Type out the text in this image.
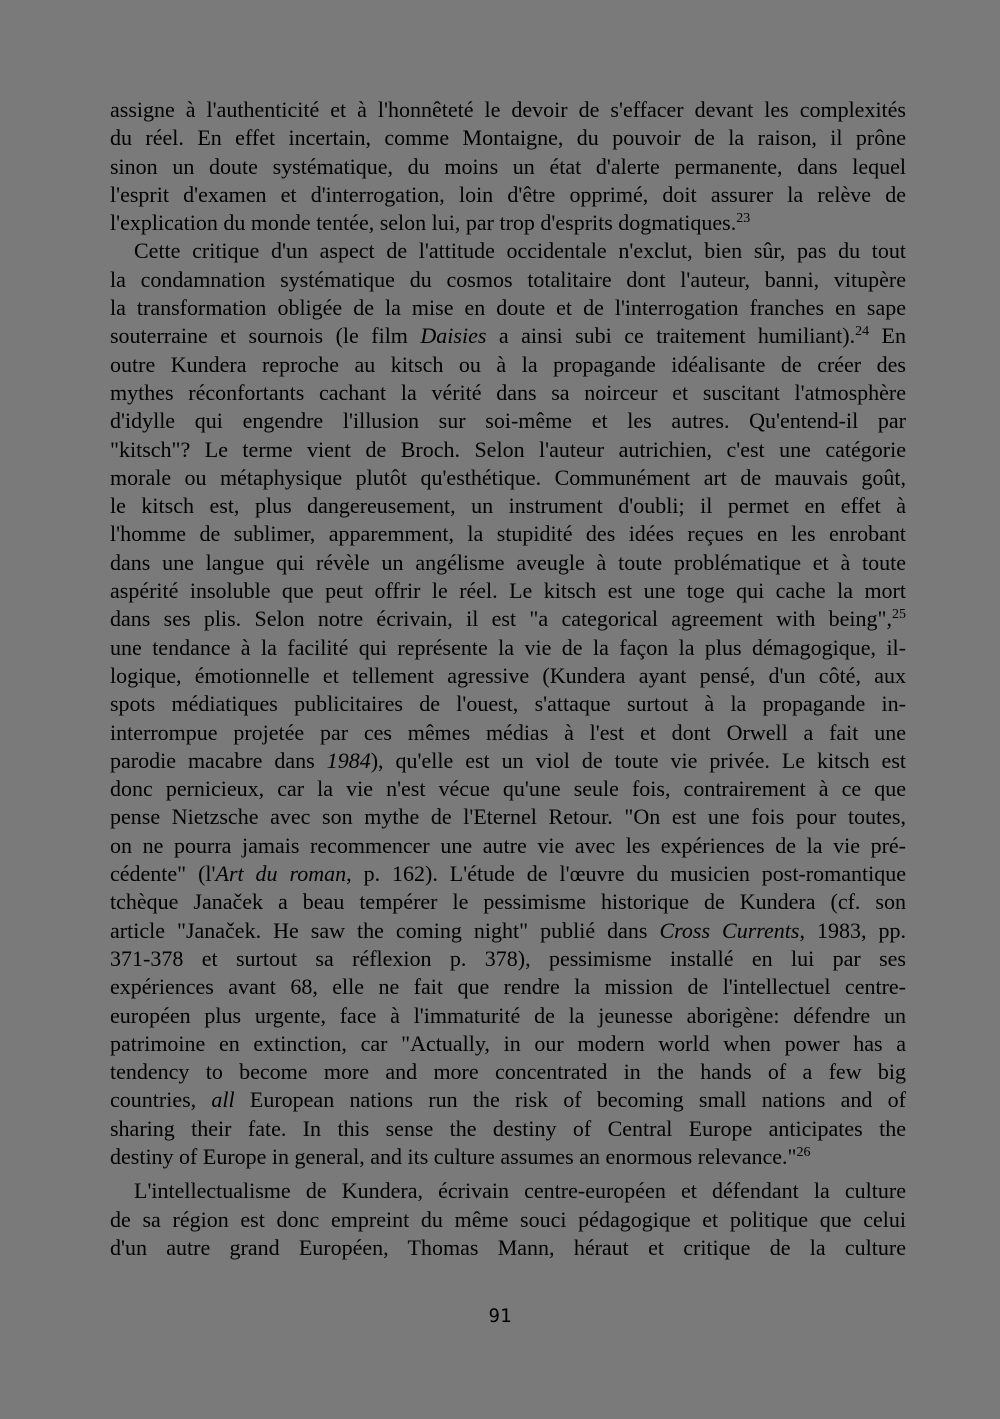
assigne à l'authenticité et à l'honnêteté le devoir de s'effacer devant les complexités
du réel. En effet incertain, comme Montaigne, du pouvoir de la raison, il prône
sinon un doute systématique, du moins un état d'alerte permanente, dans lequel
l'esprit d'examen et d'interrogation, loin d'être opprimé, doit assurer la relève de
l'explication du monde tentée, selon lui, par trop d'esprits dogmatiques.$^{23}$
Cette critique d'un aspect de l'attitude occidentale n'exclut, bien sûr, pas du tout
la condamnation systématique du cosmos totalitaire dont l'auteur, banni, vitupère
la transformation obligée de la mise en doute et de l'interrogation franches en sape
souterraine et sournois (le film Daisies a ainsi subi ce traitement humiliant).$^{24}$ En
outre Kundera reproche au kitsch ou à la propagande idéalisante de créer des
mythes réconfortants cachant la vérité dans sa noirceur et suscitant l'atmosphère
d'idylle qui engendre l'illusion sur soi-même et les autres. Qu'entend-il par
"kitsch"? Le terme vient de Broch. Selon l'auteur autrichien, c'est une catégorie
morale ou métaphysique plutôt qu'esthétique. Communément art de mauvais goût,
le kitsch est, plus dangereusement, un instrument d'oubli; il permet en effet à
l'homme de sublimer, apparemment, la stupidité des idées reçues en les enrobant
dans une langue qui révèle un angélisme aveugle à toute problématique et à toute
aspérité insoluble que peut offrir le réel. Le kitsch est une toge qui cache la mort
dans ses plis. Selon notre écrivain, il est "a categorical agreement with being",$^{25}$
une tendance à la facilité qui représente la vie de la façon la plus démagogique, il-
logique, émotionnelle et tellement agressive (Kundera ayant pensé, d'un côté, aux
spots médiatiques publicitaires de l'ouest, s'attaque surtout à la propagande in-
interrompue projetée par ces mêmes médias à l'est et dont Orwell a fait une
parodie macabre dans 1984), qu'elle est un viol de toute vie privée. Le kitsch est
donc pernicieux, car la vie n'est vécue qu'une seule fois, contrairement à ce que
pense Nietzsche avec son mythe de l'Eternel Retour. "On est une fois pour toutes,
on ne pourra jamais recommencer une autre vie avec les expériences de la vie pré-
cédente" (l'Art du roman, p. 162). L'étude de l'œuvre du musicien post-romantique
tchèque Janaček a beau tempérer le pessimisme historique de Kundera (cf. son
article "Janaček. He saw the coming night" publié dans Cross Currents, 1983, pp.
371-378 et surtout sa réflexion p. 378), pessimisme installé en lui par ses
expériences avant 68, elle ne fait que rendre la mission de l'intellectuel centre-
européen plus urgente, face à l'immaturité de la jeunesse aborigène: défendre un
patrimoine en extinction, car "Actually, in our modern world when power has a
tendency to become more and more concentrated in the hands of a few big
countries, all European nations run the risk of becoming small nations and of
sharing their fate. In this sense the destiny of Central Europe anticipates the
destiny of Europe in general, and its culture assumes an enormous relevance."$^{26}$
L'intellectualisme de Kundera, écrivain centre-européen et défendant la culture
de sa région est donc empreint du même souci pédagogique et politique que celui
d'un autre grand Européen, Thomas Mann, héraut et critique de la culture
91
